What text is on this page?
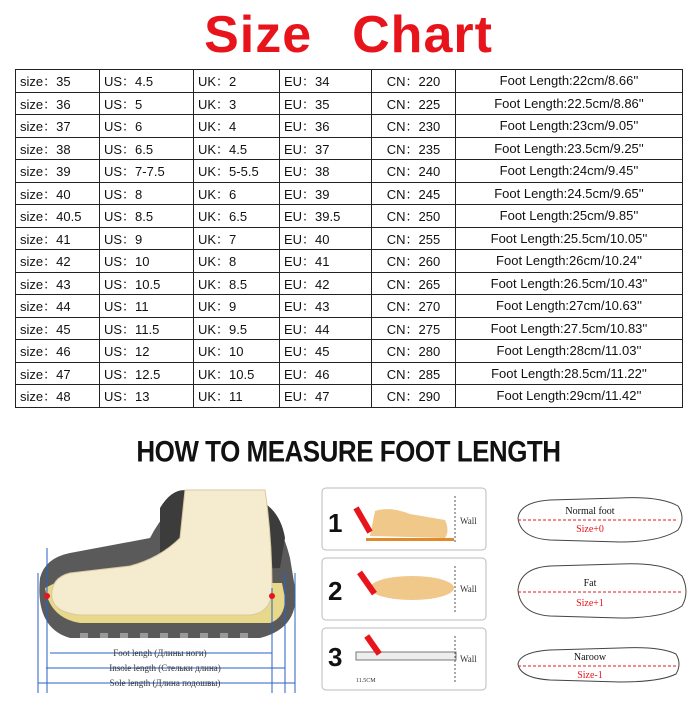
Size Chart
size：35	US：4.5	UK：2	EU：34	CN：220	Foot Length:22cm/8.66''
size：36	US：5	UK：3	EU：35	CN：225	Foot Length:22.5cm/8.86''
size：37	US：6	UK：4	EU：36	CN：230	Foot Length:23cm/9.05''
size：38	US：6.5	UK：4.5	EU：37	CN：235	Foot Length:23.5cm/9.25''
size：39	US：7-7.5	UK：5-5.5	EU：38	CN：240	Foot Length:24cm/9.45''
size：40	US：8	UK：6	EU：39	CN：245	Foot Length:24.5cm/9.65''
size：40.5	US：8.5	UK：6.5	EU：39.5	CN：250	Foot Length:25cm/9.85''
size：41	US：9	UK：7	EU：40	CN：255	Foot Length:25.5cm/10.05''
size：42	US：10	UK：8	EU：41	CN：260	Foot Length:26cm/10.24''
size：43	US：10.5	UK：8.5	EU：42	CN：265	Foot Length:26.5cm/10.43''
size：44	US：11	UK：9	EU：43	CN：270	Foot Length:27cm/10.63''
size：45	US：11.5	UK：9.5	EU：44	CN：275	Foot Length:27.5cm/10.83''
size：46	US：12	UK：10	EU：45	CN：280	Foot Length:28cm/11.03''
size：47	US：12.5	UK：10.5	EU：46	CN：285	Foot Length:28.5cm/11.22''
size：48	US：13	UK：11	EU：47	CN：290	Foot Length:29cm/11.42''
HOW TO MEASURE FOOT LENGTH
Foot lengh (Длины ноги)
Insole length (Стельки длина)
Sole length (Длина подошвы)
1	Wall
2	Wall
3	Wall
11.5CM
Normal foot
Size+0
Fat
Size+1
Naroow
Size-1
